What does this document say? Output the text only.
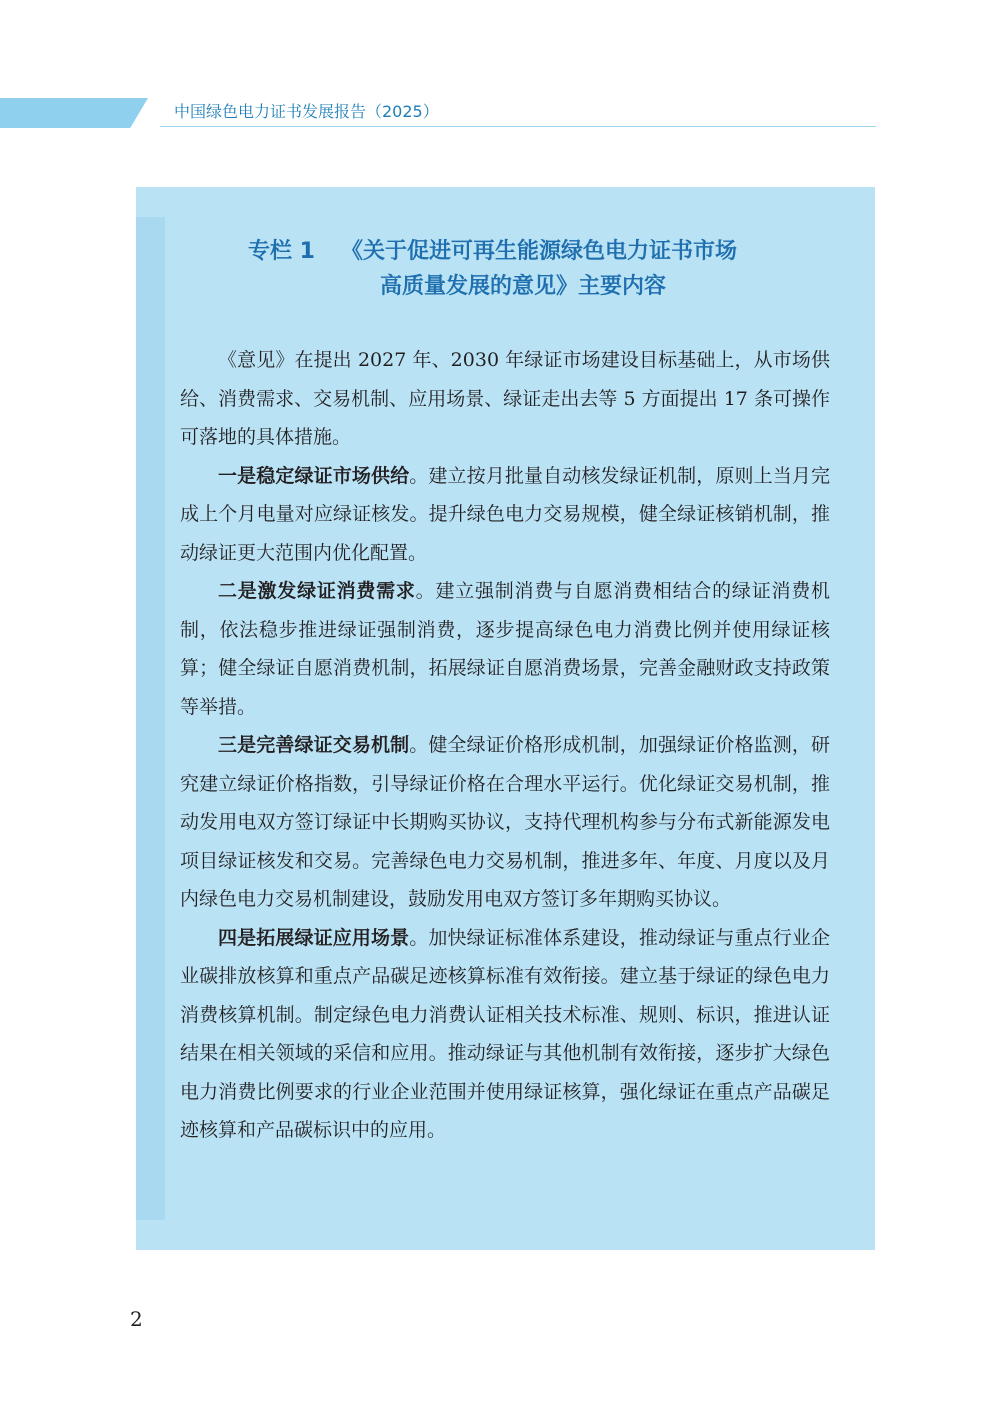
中国绿色电力证书发展报告（2025）
专栏 1 《关于促进可再生能源绿色电力证书市场
高质量发展的意见》主要内容

《意见》在提出 2027 年、2030 年绿证市场建设目标基础上，从市场供给、消费需求、交易机制、应用场景、绿证走出去等 5 方面提出 17 条可操作可落地的具体措施。

一是稳定绿证市场供给。建立按月批量自动核发绿证机制，原则上当月完成上个月电量对应绿证核发。提升绿色电力交易规模，健全绿证核销机制，推动绿证更大范围内优化配置。

二是激发绿证消费需求。建立强制消费与自愿消费相结合的绿证消费机制，依法稳步推进绿证强制消费，逐步提高绿色电力消费比例并使用绿证核算；健全绿证自愿消费机制，拓展绿证自愿消费场景，完善金融财政支持政策等举措。

三是完善绿证交易机制。健全绿证价格形成机制，加强绿证价格监测，研究建立绿证价格指数，引导绿证价格在合理水平运行。优化绿证交易机制，推动发用电双方签订绿证中长期购买协议，支持代理机构参与分布式新能源发电项目绿证核发和交易。完善绿色电力交易机制，推进多年、年度、月度以及月内绿色电力交易机制建设，鼓励发用电双方签订多年期购买协议。

四是拓展绿证应用场景。加快绿证标准体系建设，推动绿证与重点行业企业碳排放核算和重点产品碳足迹核算标准有效衔接。建立基于绿证的绿色电力消费核算机制。制定绿色电力消费认证相关技术标准、规则、标识，推进认证结果在相关领域的采信和应用。推动绿证与其他机制有效衔接，逐步扩大绿色电力消费比例要求的行业企业范围并使用绿证核算，强化绿证在重点产品碳足迹核算和产品碳标识中的应用。

2
